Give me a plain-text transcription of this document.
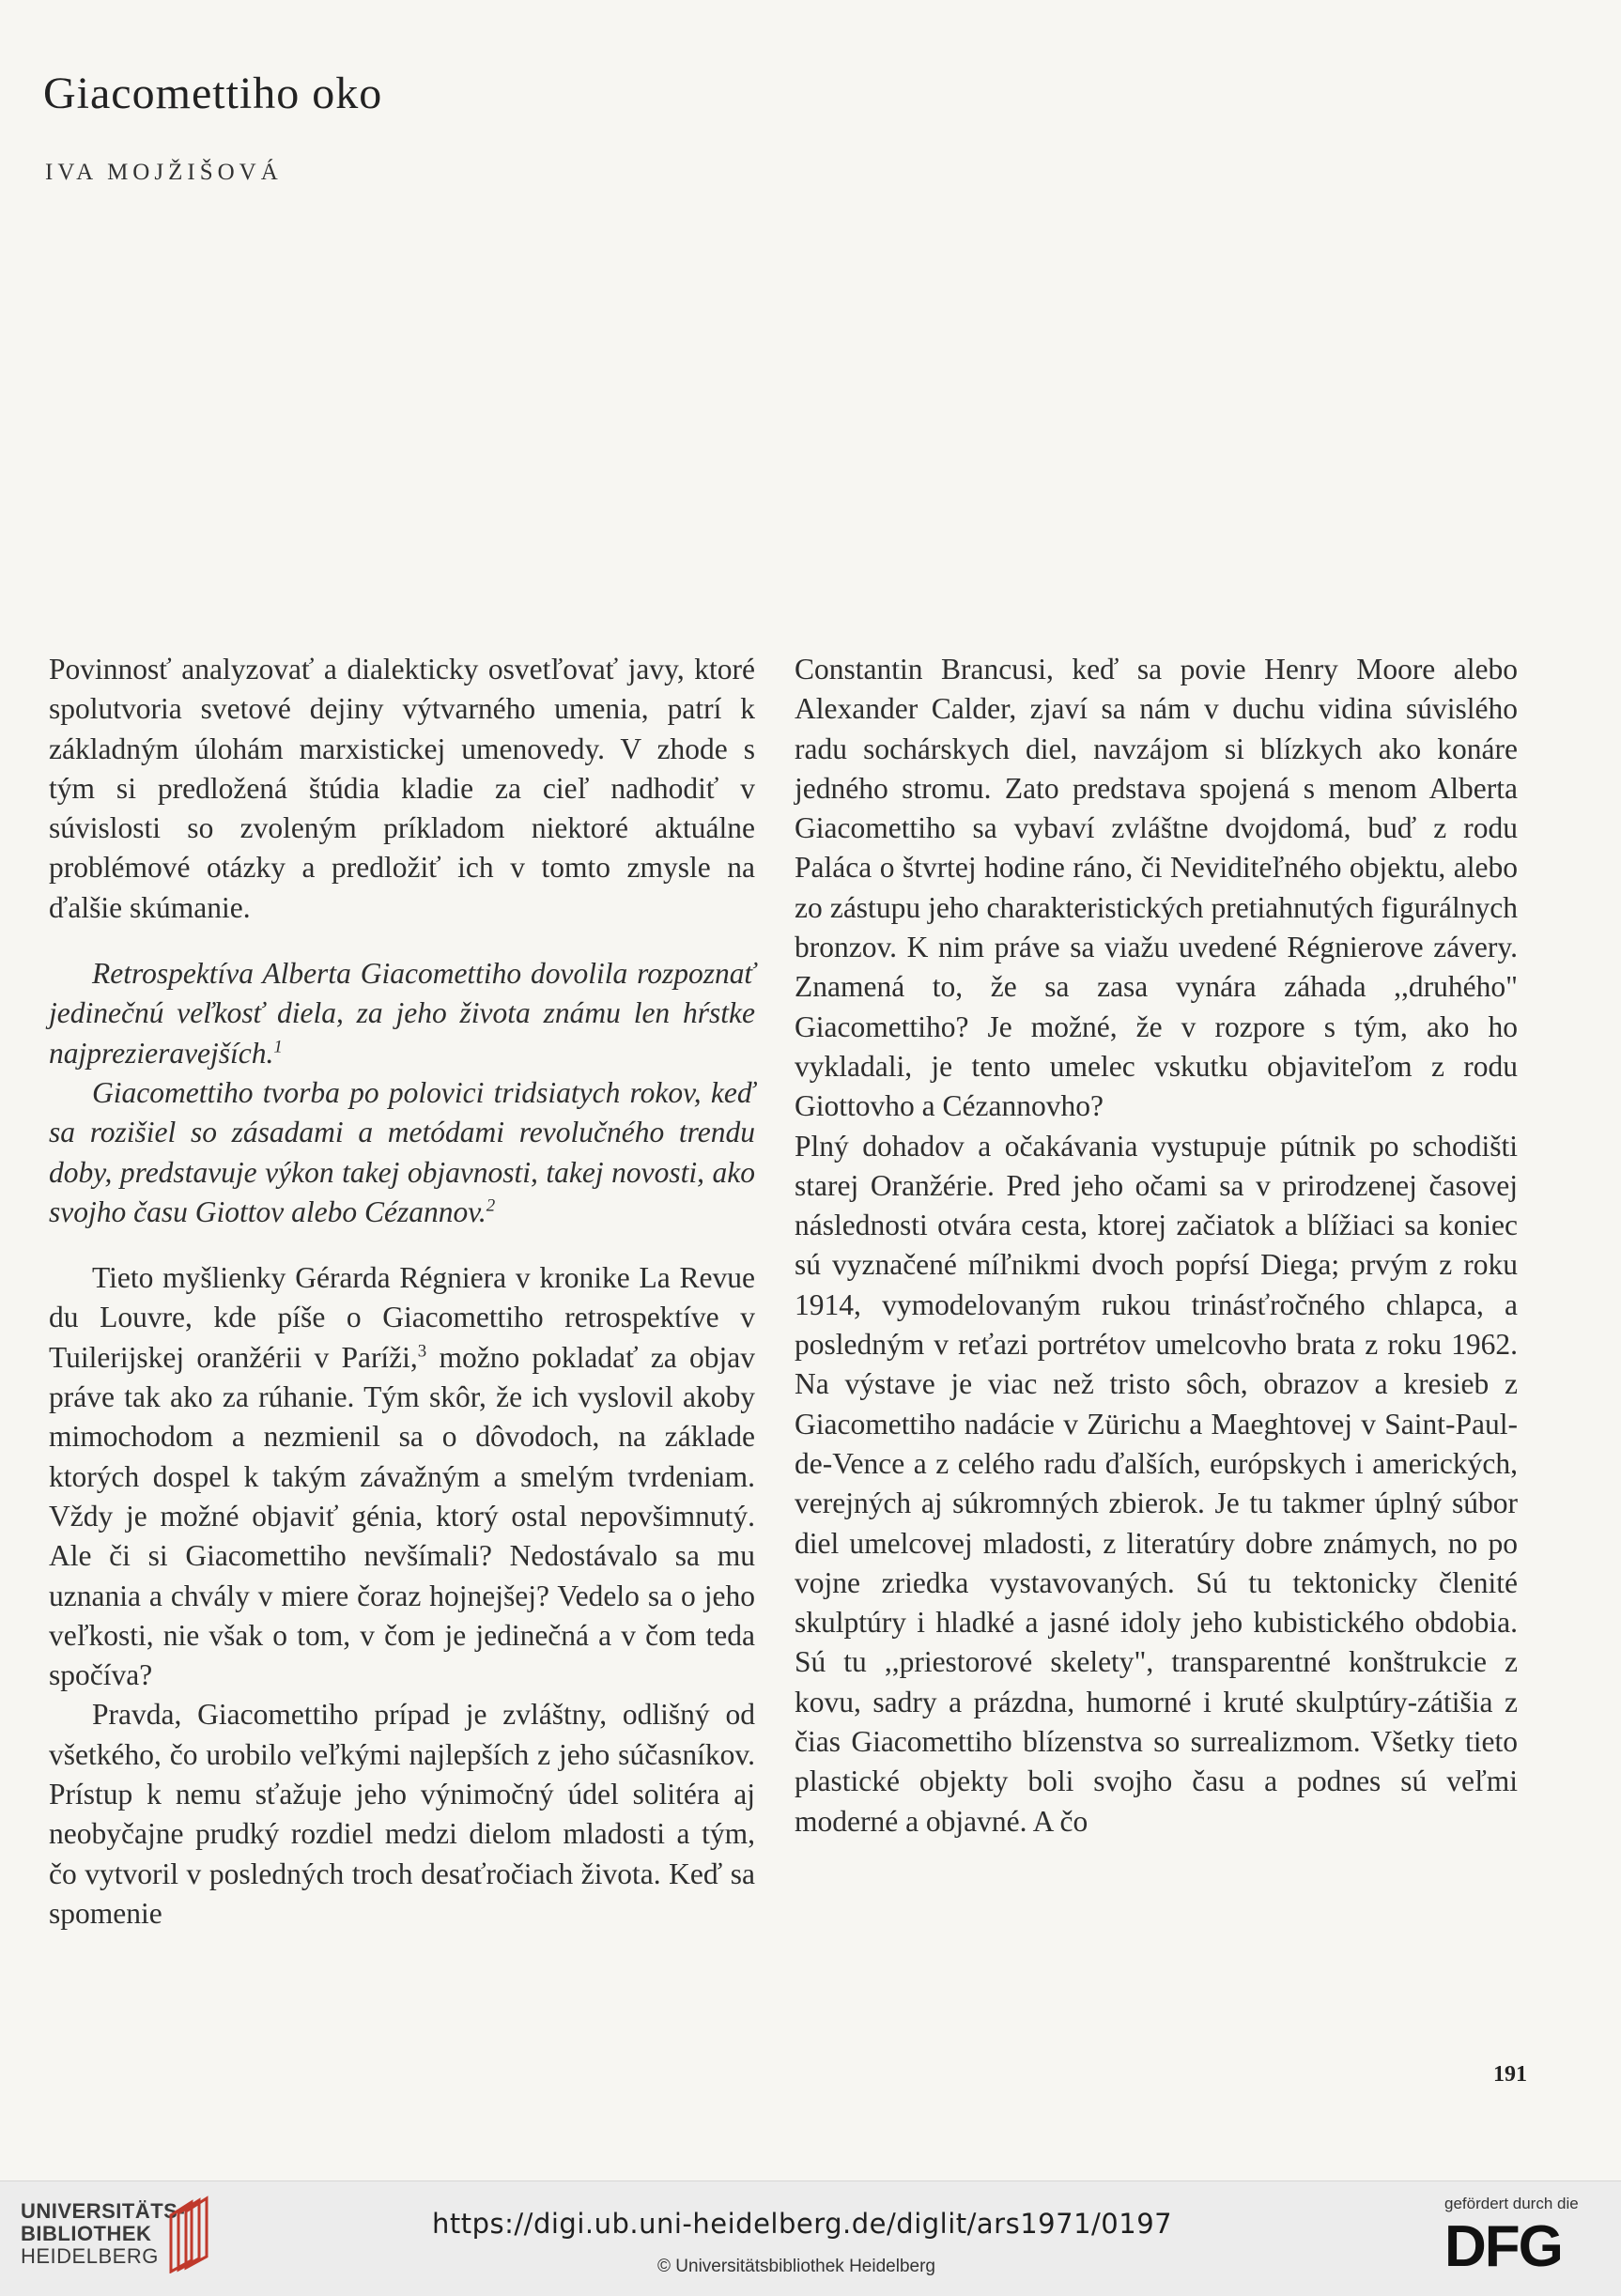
Giacomettiho oko
IVA MOJŽIŠOVÁ

Povinnosť analyzovať a dialekticky osvetľovať javy, ktoré spolutvoria svetové dejiny výtvarného umenia, patrí k základným úlohám marxistickej umenovedy. V zhode s tým si predložená štúdia kladie za cieľ nadhodiť v súvislosti so zvoleným príkladom niektoré aktuálne problémové otázky a predložiť ich v tomto zmysle na ďalšie skúmanie.

Retrospektíva Alberta Giacomettiho dovolila rozpoznať jedinečnú veľkosť diela, za jeho života známu len hŕstke najprezieravejších.$^1$

Giacomettiho tvorba po polovici tridsiatych rokov, keď sa rozišiel so zásadami a metódami revolučného trendu doby, predstavuje výkon takej objavnosti, takej novosti, ako svojho času Giottov alebo Cézannov.$^2$

Tieto myšlienky Gérarda Régniera v kronike La Revue du Louvre, kde píše o Giacomettiho retrospektíve v Tuilerijskej oranžérii v Paríži,$^3$ možno pokladať za objav práve tak ako za rúhanie. Tým skôr, že ich vyslovil akoby mimochodom a nezmienil sa o dôvodoch, na základe ktorých dospel k takým závažným a smelým tvrdeniam. Vždy je možné objaviť génia, ktorý ostal nepovšimnutý. Ale či si Giacomettiho nevšímali? Nedostávalo sa mu uznania a chvály v miere čoraz hojnejšej? Vedelo sa o jeho veľkosti, nie však o tom, v čom je jedinečná a v čom teda spočíva?

Pravda, Giacomettiho prípad je zvláštny, odlišný od všetkého, čo urobilo veľkými najlepších z jeho súčasníkov. Prístup k nemu sťažuje jeho výnimočný údel solitéra aj neobyčajne prudký rozdiel medzi dielom mladosti a tým, čo vytvoril v posledných troch desaťročiach života. Keď sa spomenie

Constantin Brancusi, keď sa povie Henry Moore alebo Alexander Calder, zjaví sa nám v duchu vidina súvislého radu sochárskych diel, navzájom si blízkych ako konáre jedného stromu. Zato predstava spojená s menom Alberta Giacomettiho sa vybaví zvláštne dvojdomá, buď z rodu Paláca o štvrtej hodine ráno, či Neviditeľného objektu, alebo zo zástupu jeho charakteristických pretiahnutých figurálnych bronzov. K nim práve sa viažu uvedené Régnierove závery. Znamená to, že sa zasa vynára záhada ,,druhého" Giacomettiho? Je možné, že v rozpore s tým, ako ho vykladali, je tento umelec vskutku objaviteľom z rodu Giottovho a Cézannovho?

Plný dohadov a očakávania vystupuje pútnik po schodišti starej Oranžérie. Pred jeho očami sa v prirodzenej časovej následnosti otvára cesta, ktorej začiatok a blížiaci sa koniec sú vyznačené míľnikmi dvoch popŕsí Diega; prvým z roku 1914, vymodelovaným rukou trinásťročného chlapca, a posledným v reťazi portrétov umelcovho brata z roku 1962. Na výstave je viac než tristo sôch, obrazov a kresieb z Giacomettiho nadácie v Zürichu a Maeghtovej v Saint-Paul-de-Vence a z celého radu ďalších, európskych i amerických, verejných aj súkromných zbierok. Je tu takmer úplný súbor diel umelcovej mladosti, z literatúry dobre známych, no po vojne zriedka vystavovaných. Sú tu tektonicky členité skulptúry i hladké a jasné idoly jeho kubistického obdobia. Sú tu ,,priestorové skelety", transparentné konštrukcie z kovu, sadry a prázdna, humorné i kruté skulptúry-zátišia z čias Giacomettiho blízenstva so surrealizmom. Všetky tieto plastické objekty boli svojho času a podnes sú veľmi moderné a objavné. A čo

191
UNIVERSITÄTS-
BIBLIOTHEK
HEIDELBERG
https://digi.ub.uni-heidelberg.de/diglit/ars1971/0197
© Universitätsbibliothek Heidelberg
gefördert durch die
DFG
